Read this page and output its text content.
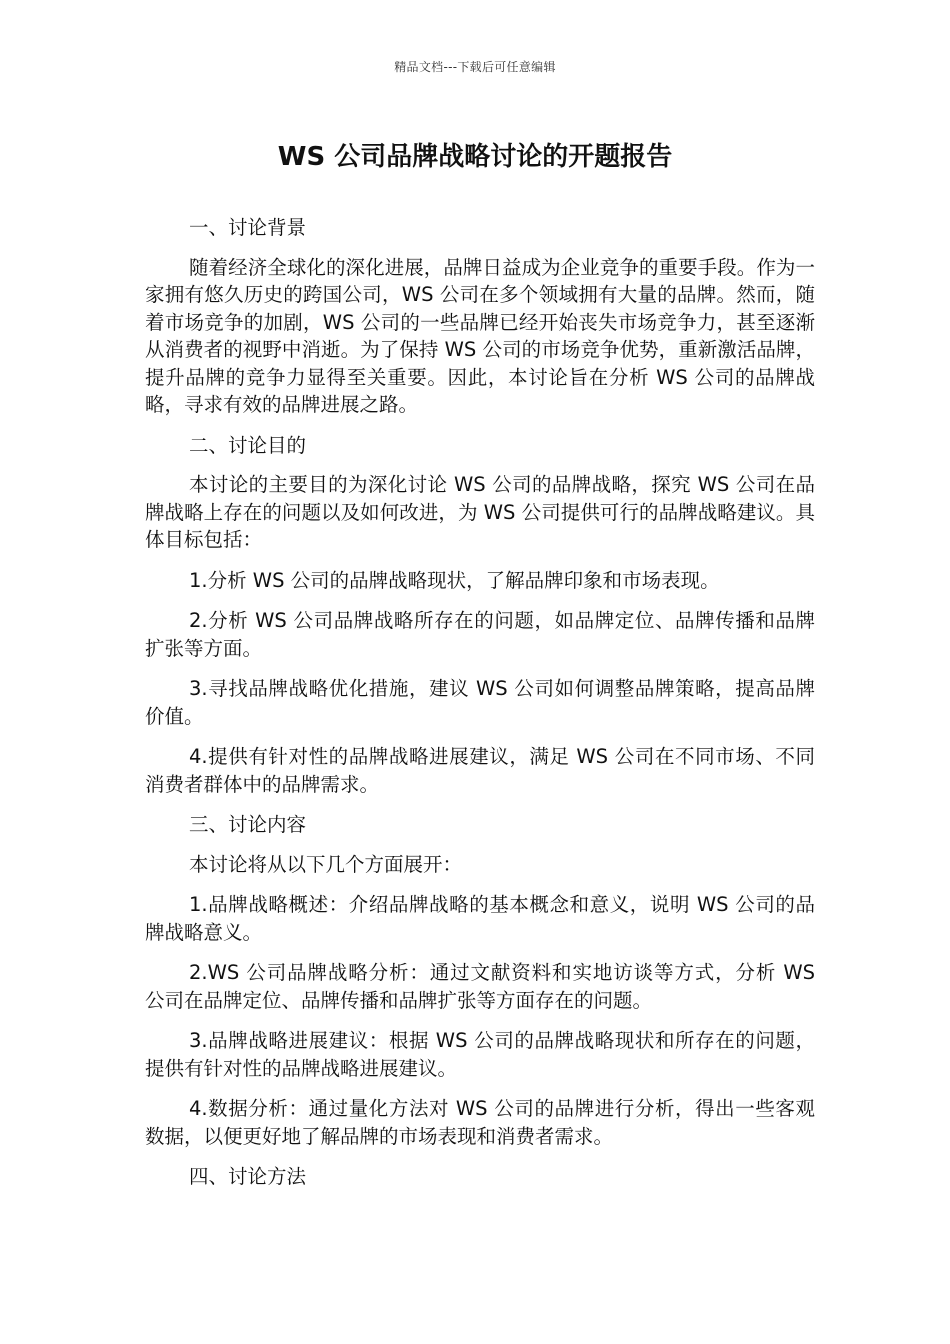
精品文档---下载后可任意编辑
WS 公司品牌战略讨论的开题报告

一、讨论背景

随着经济全球化的深化进展，品牌日益成为企业竞争的重要手段。作为一家拥有悠久历史的跨国公司，WS 公司在多个领域拥有大量的品牌。然而，随着市场竞争的加剧，WS 公司的一些品牌已经开始丧失市场竞争力，甚至逐渐从消费者的视野中消逝。为了保持 WS 公司的市场竞争优势，重新激活品牌，提升品牌的竞争力显得至关重要。因此，本讨论旨在分析 WS 公司的品牌战略，寻求有效的品牌进展之路。

二、讨论目的

本讨论的主要目的为深化讨论 WS 公司的品牌战略，探究 WS 公司在品牌战略上存在的问题以及如何改进，为 WS 公司提供可行的品牌战略建议。具体目标包括：

1.分析 WS 公司的品牌战略现状，了解品牌印象和市场表现。

2.分析 WS 公司品牌战略所存在的问题，如品牌定位、品牌传播和品牌扩张等方面。

3.寻找品牌战略优化措施，建议 WS 公司如何调整品牌策略，提高品牌价值。

4.提供有针对性的品牌战略进展建议，满足 WS 公司在不同市场、不同消费者群体中的品牌需求。

三、讨论内容

本讨论将从以下几个方面展开：

1.品牌战略概述：介绍品牌战略的基本概念和意义，说明 WS 公司的品牌战略意义。

2.WS 公司品牌战略分析：通过文献资料和实地访谈等方式，分析 WS 公司在品牌定位、品牌传播和品牌扩张等方面存在的问题。

3.品牌战略进展建议：根据 WS 公司的品牌战略现状和所存在的问题，提供有针对性的品牌战略进展建议。

4.数据分析：通过量化方法对 WS 公司的品牌进行分析，得出一些客观数据，以便更好地了解品牌的市场表现和消费者需求。

四、讨论方法
